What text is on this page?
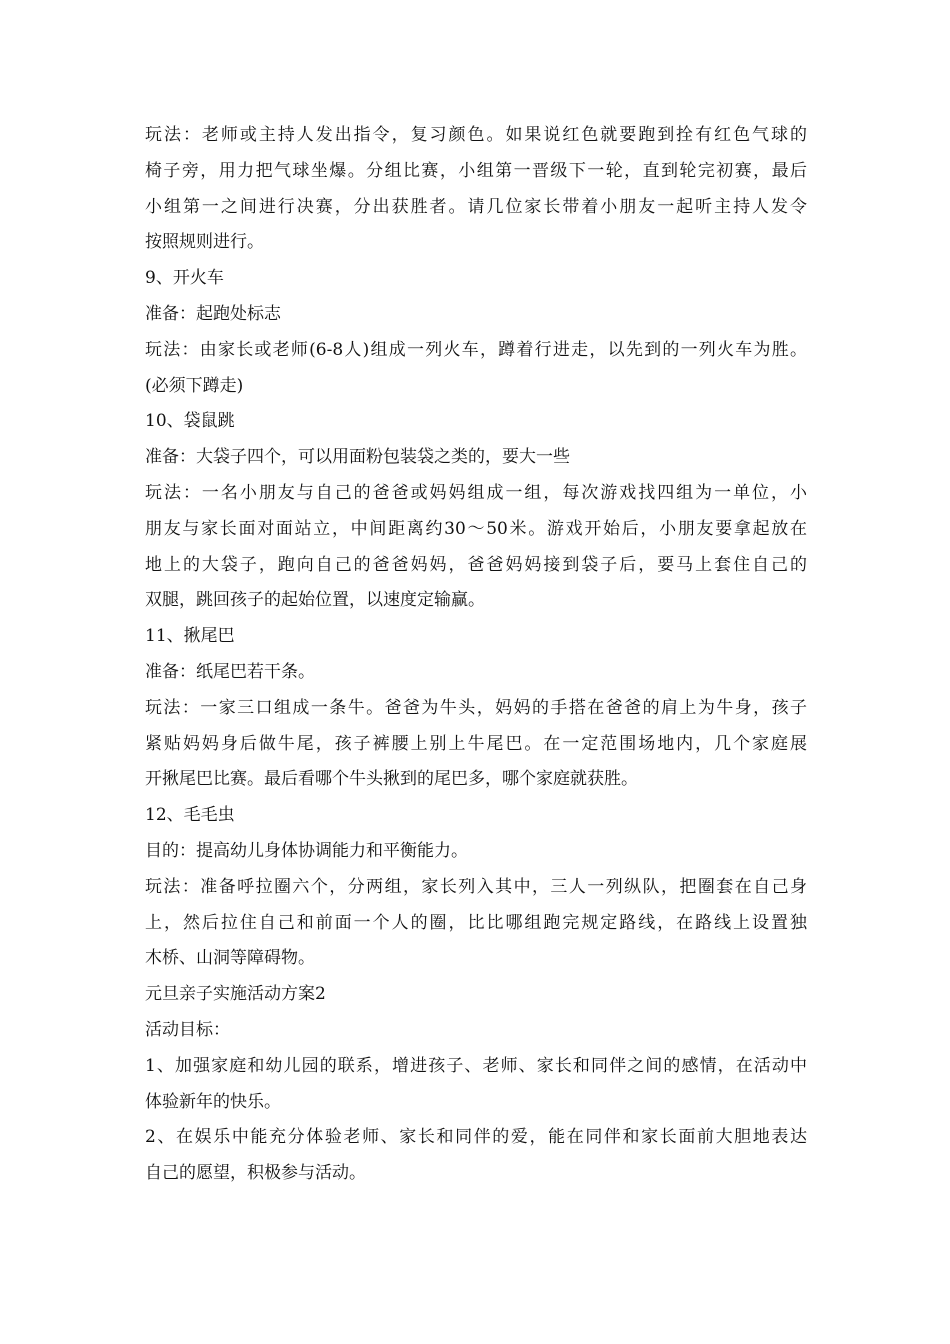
玩法：老师或主持人发出指令，复习颜色。如果说红色就要跑到拴有红色气球的
椅子旁，用力把气球坐爆。分组比赛，小组第一晋级下一轮，直到轮完初赛，最后
小组第一之间进行决赛，分出获胜者。请几位家长带着小朋友一起听主持人发令
按照规则进行。
9、开火车
准备：起跑处标志
玩法：由家长或老师(6-8人)组成一列火车，蹲着行进走，以先到的一列火车为胜。
(必须下蹲走)
10、袋鼠跳
准备：大袋子四个，可以用面粉包装袋之类的，要大一些
玩法：一名小朋友与自己的爸爸或妈妈组成一组，每次游戏找四组为一单位，小
朋友与家长面对面站立，中间距离约30～50米。游戏开始后，小朋友要拿起放在
地上的大袋子，跑向自己的爸爸妈妈，爸爸妈妈接到袋子后，要马上套住自己的
双腿，跳回孩子的起始位置，以速度定输赢。
11、揪尾巴
准备：纸尾巴若干条。
玩法：一家三口组成一条牛。爸爸为牛头，妈妈的手搭在爸爸的肩上为牛身，孩子
紧贴妈妈身后做牛尾，孩子裤腰上别上牛尾巴。在一定范围场地内，几个家庭展
开揪尾巴比赛。最后看哪个牛头揪到的尾巴多，哪个家庭就获胜。
12、毛毛虫
目的：提高幼儿身体协调能力和平衡能力。
玩法：准备呼拉圈六个，分两组，家长列入其中，三人一列纵队，把圈套在自己身
上，然后拉住自己和前面一个人的圈，比比哪组跑完规定路线，在路线上设置独
木桥、山洞等障碍物。
元旦亲子实施活动方案2
活动目标：
1、加强家庭和幼儿园的联系，增进孩子、老师、家长和同伴之间的感情，在活动中
体验新年的快乐。
2、在娱乐中能充分体验老师、家长和同伴的爱，能在同伴和家长面前大胆地表达
自己的愿望，积极参与活动。
